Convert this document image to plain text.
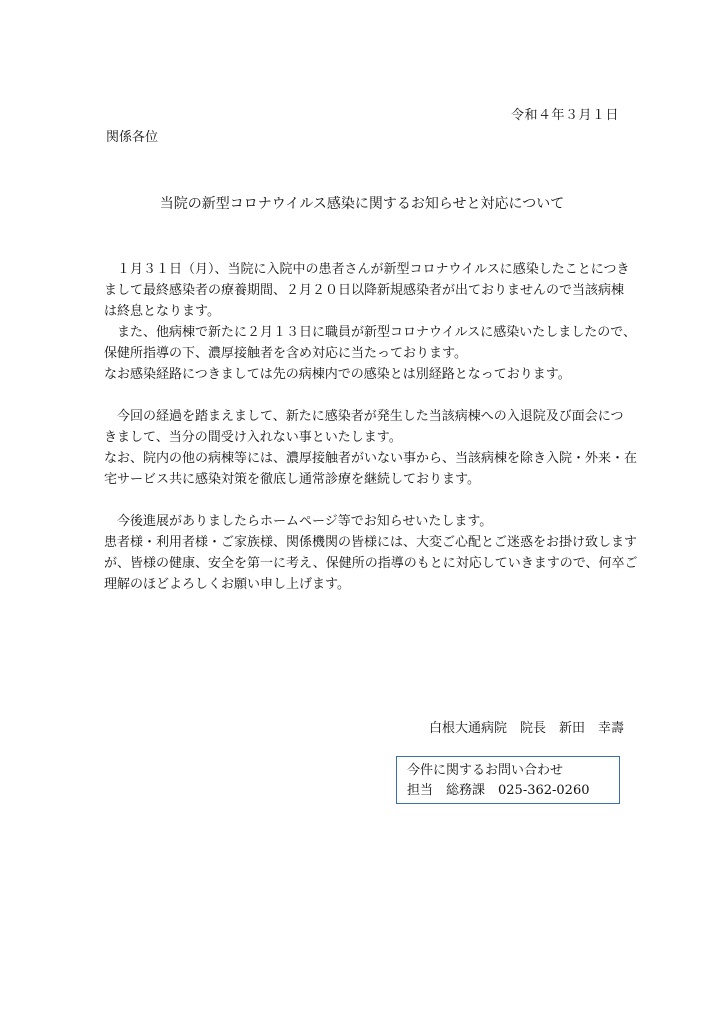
令和４年３月１日
関係各位
当院の新型コロナウイルス感染に関するお知らせと対応について

　１月３１日（月）、当院に入院中の患者さんが新型コロナウイルスに感染したことにつき

まして最終感染者の療養期間、２月２０日以降新規感染者が出ておりませんので当該病棟

は終息となります。

　また、他病棟で新たに２月１３日に職員が新型コロナウイルスに感染いたしましたので、

保健所指導の下、濃厚接触者を含め対応に当たっております。

なお感染経路につきましては先の病棟内での感染とは別経路となっております。

　今回の経過を踏まえまして、新たに感染者が発生した当該病棟への入退院及び面会につ

きまして、当分の間受け入れない事といたします。

なお、院内の他の病棟等には、濃厚接触者がいない事から、当該病棟を除き入院・外来・在

宅サービス共に感染対策を徹底し通常診療を継続しております。

　今後進展がありましたらホームページ等でお知らせいたします。

患者様・利用者様・ご家族様、関係機関の皆様には、大変ご心配とご迷惑をお掛け致します

が、皆様の健康、安全を第一に考え、保健所の指導のもとに対応していきますので、何卒ご

理解のほどよろしくお願い申し上げます。

白根大通病院　院長　新田　幸壽
今件に関するお問い合わせ
担当　総務課　025-362-0260
